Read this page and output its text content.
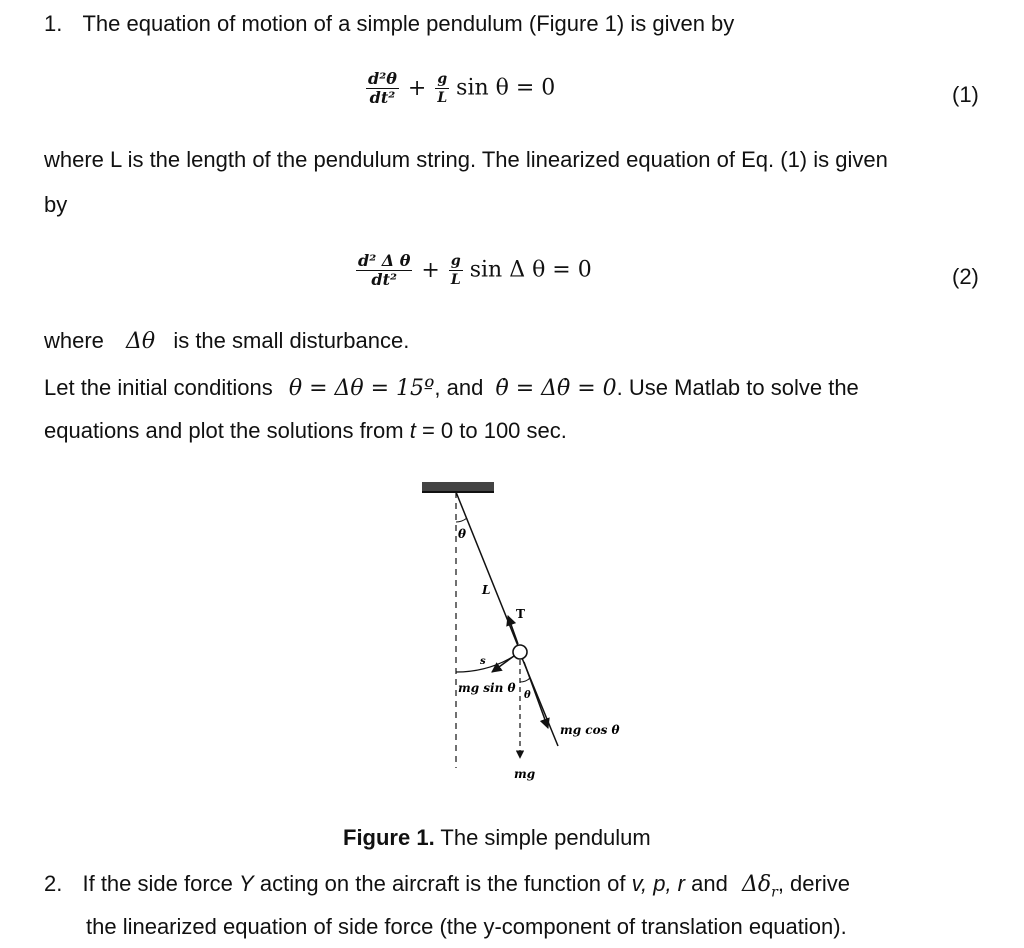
1. The equation of motion of a simple pendulum (Figure 1) is given by
$\frac{\text{d²θ}}{\text{dt²}} + \frac{g}{L}$ sin θ = 0	(1)
where L is the length of the pendulum string. The linearized equation of Eq. (1) is given
by
$\frac{\text{d² Δ θ}}{\text{dt²}} + \frac{g}{L}$ sin Δ θ = 0	(2)
where Δθ is the small disturbance.
Let the initial conditions θ = Δθ = 15º, and θ̇ = Δθ̇ = 0. Use Matlab to solve the
equations and plot the solutions from t = 0 to 100 sec.
θ
L
T
s
mg sin θ
θ
mg cos θ
mg
Figure 1. The simple pendulum
2. If the side force Y acting on the aircraft is the function of v, p, r and $\Delta\delta_r$, derive
the linearized equation of side force (the y-component of translation equation).
